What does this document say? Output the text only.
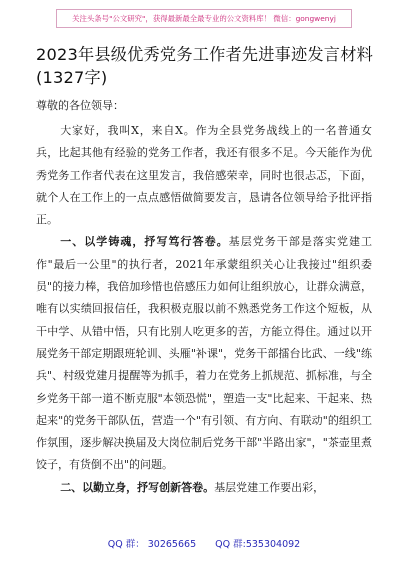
关注头条号"公文研究"，获得最新最全最专业的公文资料库！ 微信：gongwenyj
2023年县级优秀党务工作者先进事迹发言材料(1327字)
尊敬的各位领导：

大家好，我叫X，来自X。作为全县党务战线上的一名普通女兵，比起其他有经验的党务工作者，我还有很多不足。今天能作为优秀党务工作者代表在这里发言，我倍感荣幸，同时也很忐忑，下面，就个人在工作上的一点点感悟做简要发言，恳请各位领导给予批评指正。

一、以学铸魂，抒写笃行答卷。基层党务干部是落实党建工作"最后一公里"的执行者，2021年承蒙组织关心让我接过"组织委员"的接力棒，我倍加珍惜也倍感压力如何让组织放心，让群众满意，唯有以实绩回报信任，我积极克服以前不熟悉党务工作这个短板，从干中学、从错中悟，只有比别人吃更多的苦，方能立得住。通过以开展党务干部定期跟班轮训、头雁"补课"，党务干部擂台比武、一线"练兵"、村级党建月提醒等为抓手，着力在党务上抓规范、抓标准，与全乡党务干部一道不断克服"本领恐慌"，塑造一支"比起来、干起来、热起来"的党务干部队伍，营造一个"有引领、有方向、有联动"的组织工作氛围，逐步解决换届及大岗位制后党务干部"半路出家"，"茶壶里煮饺子，有货倒不出"的问题。

二、以勤立身，抒写创新答卷。基层党建工作要出彩，

QQ 群： 30265665 QQ 群:535304092
